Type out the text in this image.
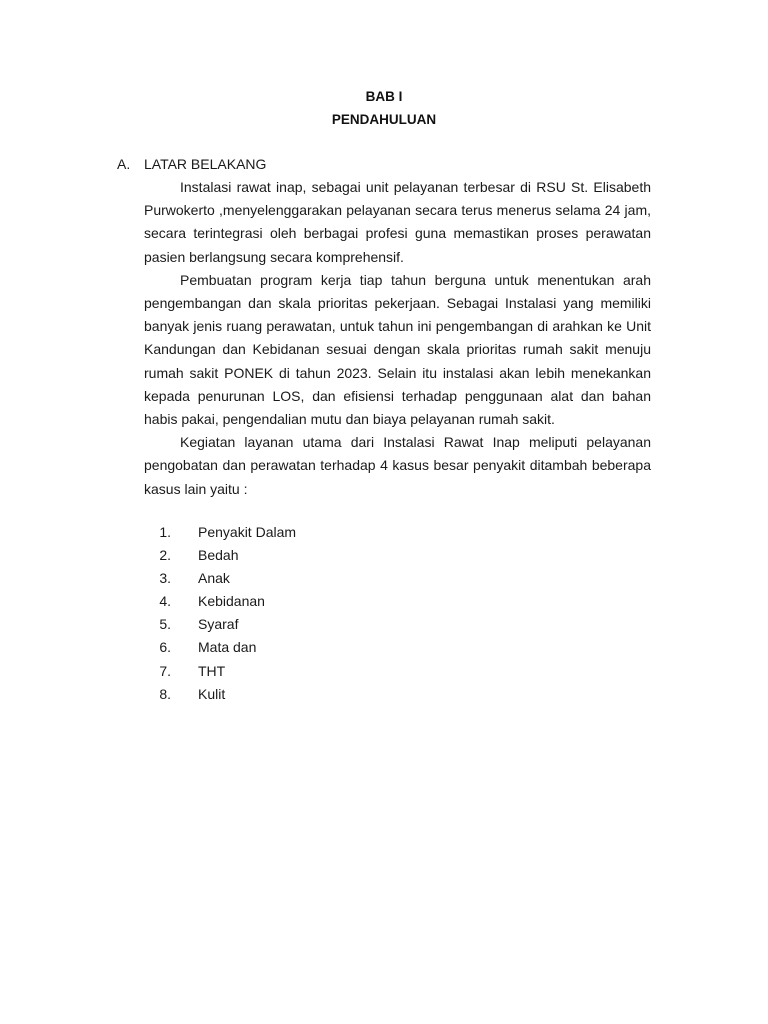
BAB I
PENDAHULUAN
A. LATAR BELAKANG

Instalasi rawat inap, sebagai unit pelayanan terbesar di RSU St. Elisabeth Purwokerto ,menyelenggarakan pelayanan secara terus menerus selama 24 jam, secara terintegrasi oleh berbagai profesi guna memastikan proses perawatan pasien berlangsung secara komprehensif.

Pembuatan program kerja tiap tahun berguna untuk menentukan arah pengembangan dan skala prioritas pekerjaan. Sebagai Instalasi yang memiliki banyak jenis ruang perawatan, untuk tahun ini pengembangan di arahkan ke Unit Kandungan dan Kebidanan sesuai dengan skala prioritas rumah sakit menuju rumah sakit PONEK di tahun 2023. Selain itu instalasi akan lebih menekankan kepada penurunan LOS, dan efisiensi terhadap penggunaan alat dan bahan habis pakai, pengendalian mutu dan biaya pelayanan rumah sakit.

Kegiatan layanan utama dari Instalasi Rawat Inap meliputi pelayanan pengobatan dan perawatan terhadap 4 kasus besar penyakit ditambah beberapa kasus lain yaitu :

1. Penyakit Dalam
2. Bedah
3. Anak
4. Kebidanan
5. Syaraf
6. Mata dan
7. THT
8. Kulit
